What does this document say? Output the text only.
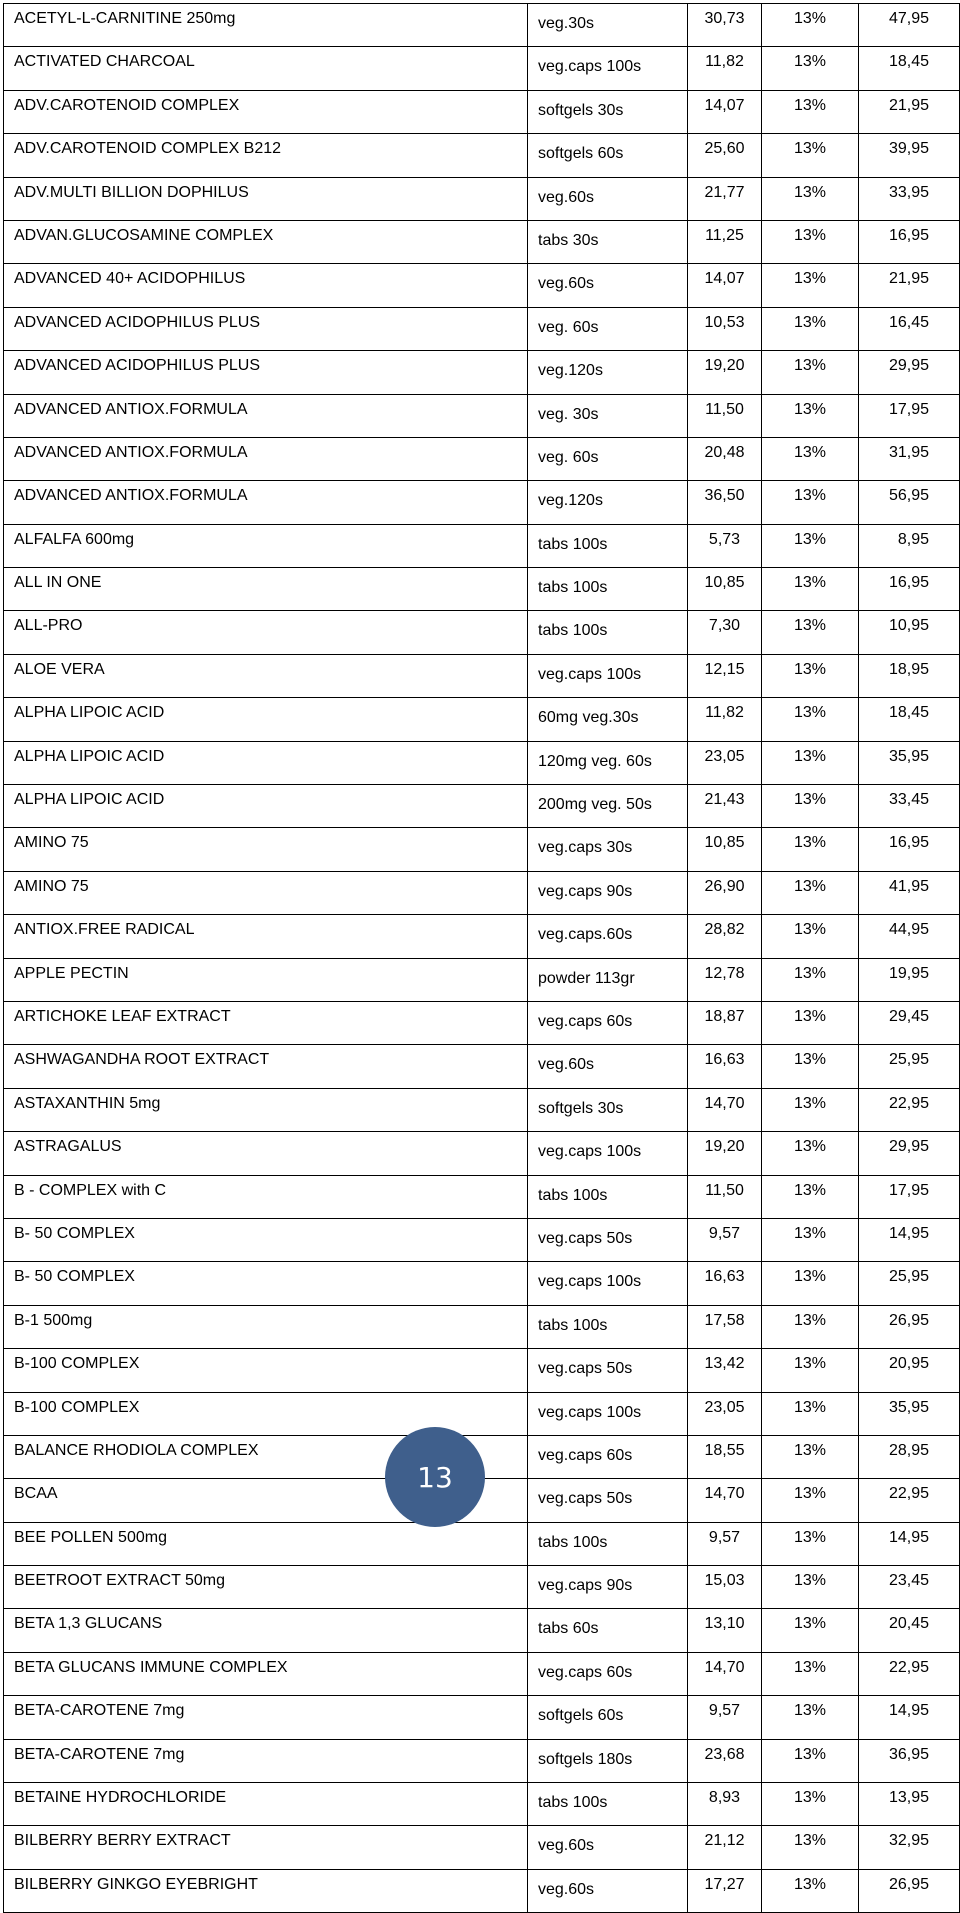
ACETYL-L-CARNITINE 250mg	veg.30s	30,73	13%	47,95
ACTIVATED CHARCOAL	veg.caps 100s	11,82	13%	18,45
ADV.CAROTENOID COMPLEX	softgels 30s	14,07	13%	21,95
ADV.CAROTENOID COMPLEX B212	softgels 60s	25,60	13%	39,95
ADV.MULTI BILLION DOPHILUS	veg.60s	21,77	13%	33,95
ADVAN.GLUCOSAMINE COMPLEX	tabs 30s	11,25	13%	16,95
ADVANCED 40+ ACIDOPHILUS	veg.60s	14,07	13%	21,95
ADVANCED ACIDOPHILUS PLUS	veg. 60s	10,53	13%	16,45
ADVANCED ACIDOPHILUS PLUS	veg.120s	19,20	13%	29,95
ADVANCED ANTIOX.FORMULA	veg. 30s	11,50	13%	17,95
ADVANCED ANTIOX.FORMULA	veg. 60s	20,48	13%	31,95
ADVANCED ANTIOX.FORMULA	veg.120s	36,50	13%	56,95
ALFALFA 600mg	tabs 100s	5,73	13%	8,95
ALL IN ONE	tabs 100s	10,85	13%	16,95
ALL-PRO	tabs 100s	7,30	13%	10,95
ALOE VERA	veg.caps 100s	12,15	13%	18,95
ALPHA LIPOIC ACID	60mg veg.30s	11,82	13%	18,45
ALPHA LIPOIC ACID	120mg veg. 60s	23,05	13%	35,95
ALPHA LIPOIC ACID	200mg veg. 50s	21,43	13%	33,45
AMINO 75	veg.caps 30s	10,85	13%	16,95
AMINO 75	veg.caps 90s	26,90	13%	41,95
ANTIOX.FREE RADICAL	veg.caps.60s	28,82	13%	44,95
APPLE PECTIN	powder 113gr	12,78	13%	19,95
ARTICHOKE LEAF EXTRACT	veg.caps 60s	18,87	13%	29,45
ASHWAGANDHA ROOT EXTRACT	veg.60s	16,63	13%	25,95
ASTAXANTHIN 5mg	softgels 30s	14,70	13%	22,95
ASTRAGALUS	veg.caps 100s	19,20	13%	29,95
B - COMPLEX with C	tabs 100s	11,50	13%	17,95
B- 50 COMPLEX	veg.caps 50s	9,57	13%	14,95
B- 50 COMPLEX	veg.caps 100s	16,63	13%	25,95
B-1 500mg	tabs 100s	17,58	13%	26,95
B-100 COMPLEX	veg.caps 50s	13,42	13%	20,95
B-100 COMPLEX	veg.caps 100s	23,05	13%	35,95
BALANCE RHODIOLA COMPLEX	veg.caps 60s	18,55	13%	28,95
BCAA	veg.caps 50s	14,70	13%	22,95
BEE POLLEN 500mg	tabs 100s	9,57	13%	14,95
BEETROOT EXTRACT 50mg	veg.caps 90s	15,03	13%	23,45
BETA 1,3 GLUCANS	tabs 60s	13,10	13%	20,45
BETA GLUCANS IMMUNE COMPLEX	veg.caps 60s	14,70	13%	22,95
BETA-CAROTENE 7mg	softgels 60s	9,57	13%	14,95
BETA-CAROTENE 7mg	softgels 180s	23,68	13%	36,95
BETAINE HYDROCHLORIDE	tabs 100s	8,93	13%	13,95
BILBERRY BERRY EXTRACT	veg.60s	21,12	13%	32,95
BILBERRY GINKGO EYEBRIGHT	veg.60s	17,27	13%	26,95
13
